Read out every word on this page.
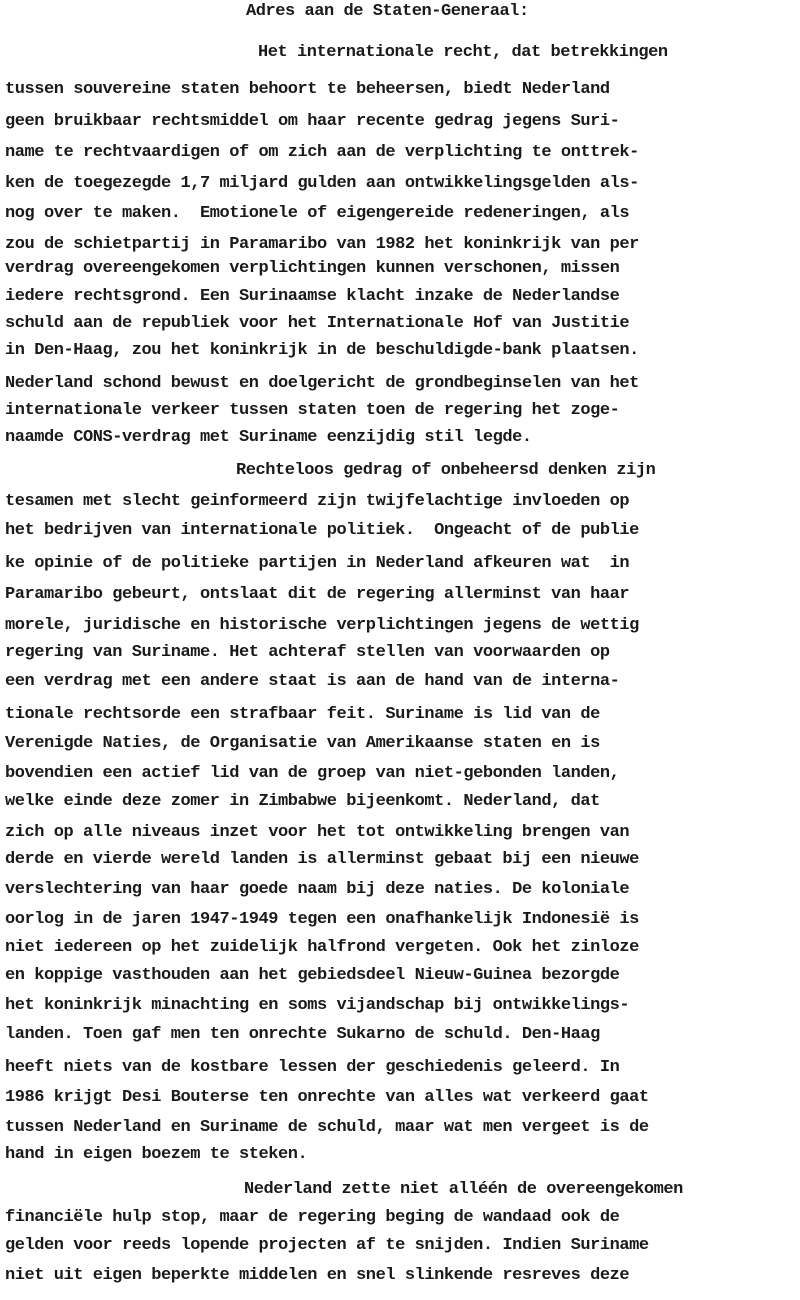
Adres aan de Staten-Generaal:

Het internationale recht, dat betrekkingen

tussen souvereine staten behoort te beheersen, biedt Nederland

geen bruikbaar rechtsmiddel om haar recente gedrag jegens Suri-

name te rechtvaardigen of om zich aan de verplichting te onttrek-

ken de toegezegde 1,7 miljard gulden aan ontwikkelingsgelden als-

nog over te maken.  Emotionele of eigengereide redeneringen, als

zou de schietpartij in Paramaribo van 1982 het koninkrijk van per

verdrag overeengekomen verplichtingen kunnen verschonen, missen

iedere rechtsgrond. Een Surinaamse klacht inzake de Nederlandse

schuld aan de republiek voor het Internationale Hof van Justitie

in Den-Haag, zou het koninkrijk in de beschuldigde-bank plaatsen.

Nederland schond bewust en doelgericht de grondbeginselen van het

internationale verkeer tussen staten toen de regering het zoge-

naamde CONS-verdrag met Suriname eenzijdig stil legde.

Rechteloos gedrag of onbeheersd denken zijn

tesamen met slecht geinformeerd zijn twijfelachtige invloeden op

het bedrijven van internationale politiek.  Ongeacht of de publie

ke opinie of de politieke partijen in Nederland afkeuren wat  in

Paramaribo gebeurt, ontslaat dit de regering allerminst van haar

morele, juridische en historische verplichtingen jegens de wettig

regering van Suriname. Het achteraf stellen van voorwaarden op

een verdrag met een andere staat is aan de hand van de interna-

tionale rechtsorde een strafbaar feit. Suriname is lid van de

Verenigde Naties, de Organisatie van Amerikaanse staten en is

bovendien een actief lid van de groep van niet-gebonden landen,

welke einde deze zomer in Zimbabwe bijeenkomt. Nederland, dat

zich op alle niveaus inzet voor het tot ontwikkeling brengen van

derde en vierde wereld landen is allerminst gebaat bij een nieuwe

verslechtering van haar goede naam bij deze naties. De koloniale

oorlog in de jaren 1947-1949 tegen een onafhankelijk Indonesië is

niet iedereen op het zuidelijk halfrond vergeten. Ook het zinloze

en koppige vasthouden aan het gebiedsdeel Nieuw-Guinea bezorgde

het koninkrijk minachting en soms vijandschap bij ontwikkelings-

landen. Toen gaf men ten onrechte Sukarno de schuld. Den-Haag

heeft niets van de kostbare lessen der geschiedenis geleerd. In

1986 krijgt Desi Bouterse ten onrechte van alles wat verkeerd gaat

tussen Nederland en Suriname de schuld, maar wat men vergeet is de

hand in eigen boezem te steken.

Nederland zette niet alléén de overeengekomen

financiële hulp stop, maar de regering beging de wandaad ook de

gelden voor reeds lopende projecten af te snijden. Indien Suriname

niet uit eigen beperkte middelen en snel slinkende resreves deze
